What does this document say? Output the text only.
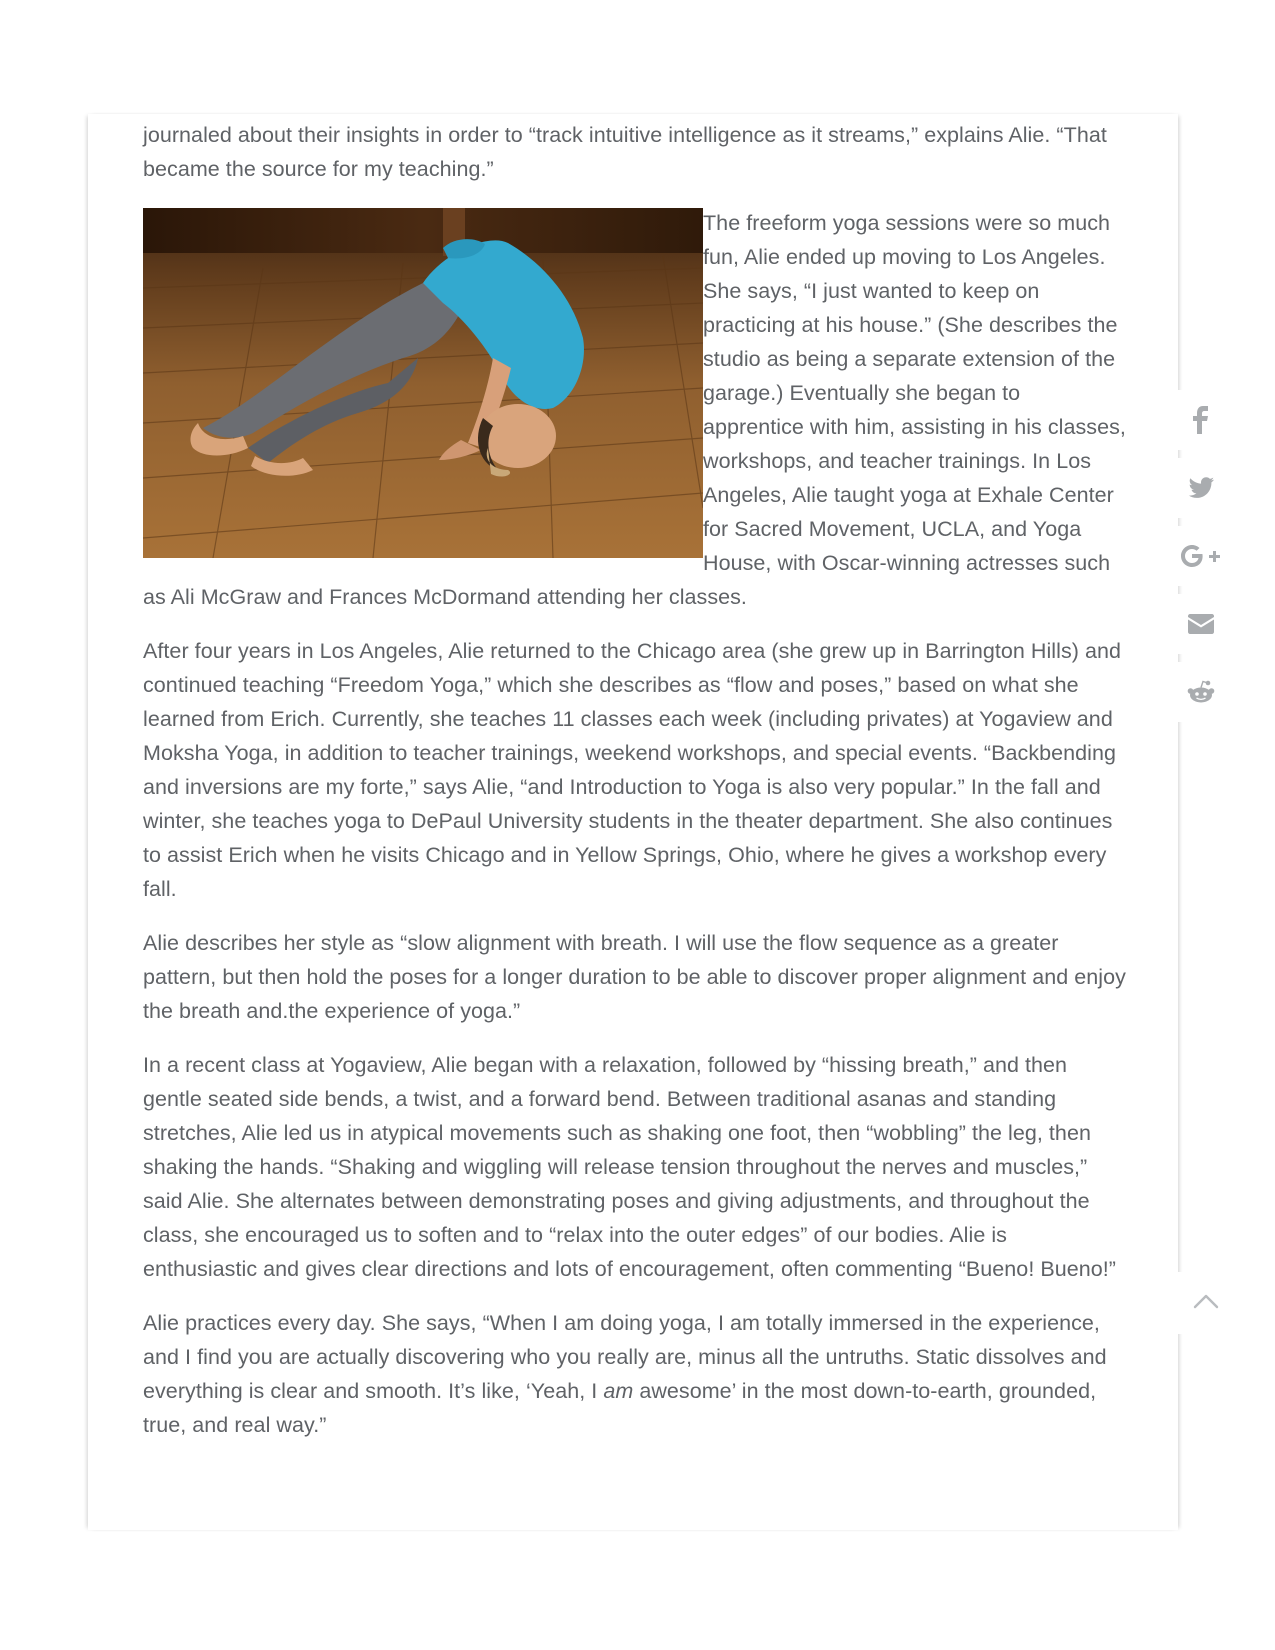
journaled about their insights in order to “track intuitive intelligence as it streams,” explains Alie. “That became the source for my teaching.”

The freeform yoga sessions were so much fun, Alie ended up moving to Los Angeles. She says, “I just wanted to keep on practicing at his house.” (She describes the studio as being a separate extension of the garage.) Eventually she began to apprentice with him, assisting in his classes, workshops, and teacher trainings. In Los Angeles, Alie taught yoga at Exhale Center for Sacred Movement, UCLA, and Yoga House, with Oscar-winning actresses such as Ali McGraw and Frances McDormand attending her classes.

After four years in Los Angeles, Alie returned to the Chicago area (she grew up in Barrington Hills) and continued teaching “Freedom Yoga,” which she describes as “flow and poses,” based on what she learned from Erich. Currently, she teaches 11 classes each week (including privates) at Yogaview and Moksha Yoga, in addition to teacher trainings, weekend workshops, and special events. “Backbending and inversions are my forte,” says Alie, “and Introduction to Yoga is also very popular.” In the fall and winter, she teaches yoga to DePaul University students in the theater department. She also continues to assist Erich when he visits Chicago and in Yellow Springs, Ohio, where he gives a workshop every fall.

Alie describes her style as “slow alignment with breath. I will use the flow sequence as a greater pattern, but then hold the poses for a longer duration to be able to discover proper alignment and enjoy the breath and.the experience of yoga.”

In a recent class at Yogaview, Alie began with a relaxation, followed by “hissing breath,” and then gentle seated side bends, a twist, and a forward bend. Between traditional asanas and standing stretches, Alie led us in atypical movements such as shaking one foot, then “wobbling” the leg, then shaking the hands. “Shaking and wiggling will release tension throughout the nerves and muscles,” said Alie. She alternates between demonstrating poses and giving adjustments, and throughout the class, she encouraged us to soften and to “relax into the outer edges” of our bodies. Alie is enthusiastic and gives clear directions and lots of encouragement, often commenting “Bueno! Bueno!”

Alie practices every day. She says, “When I am doing yoga, I am totally immersed in the experience, and I find you are actually discovering who you really are, minus all the untruths. Static dissolves and everything is clear and smooth. It’s like, ‘Yeah, I am awesome’ in the most down-to-earth, grounded, true, and real way.”
